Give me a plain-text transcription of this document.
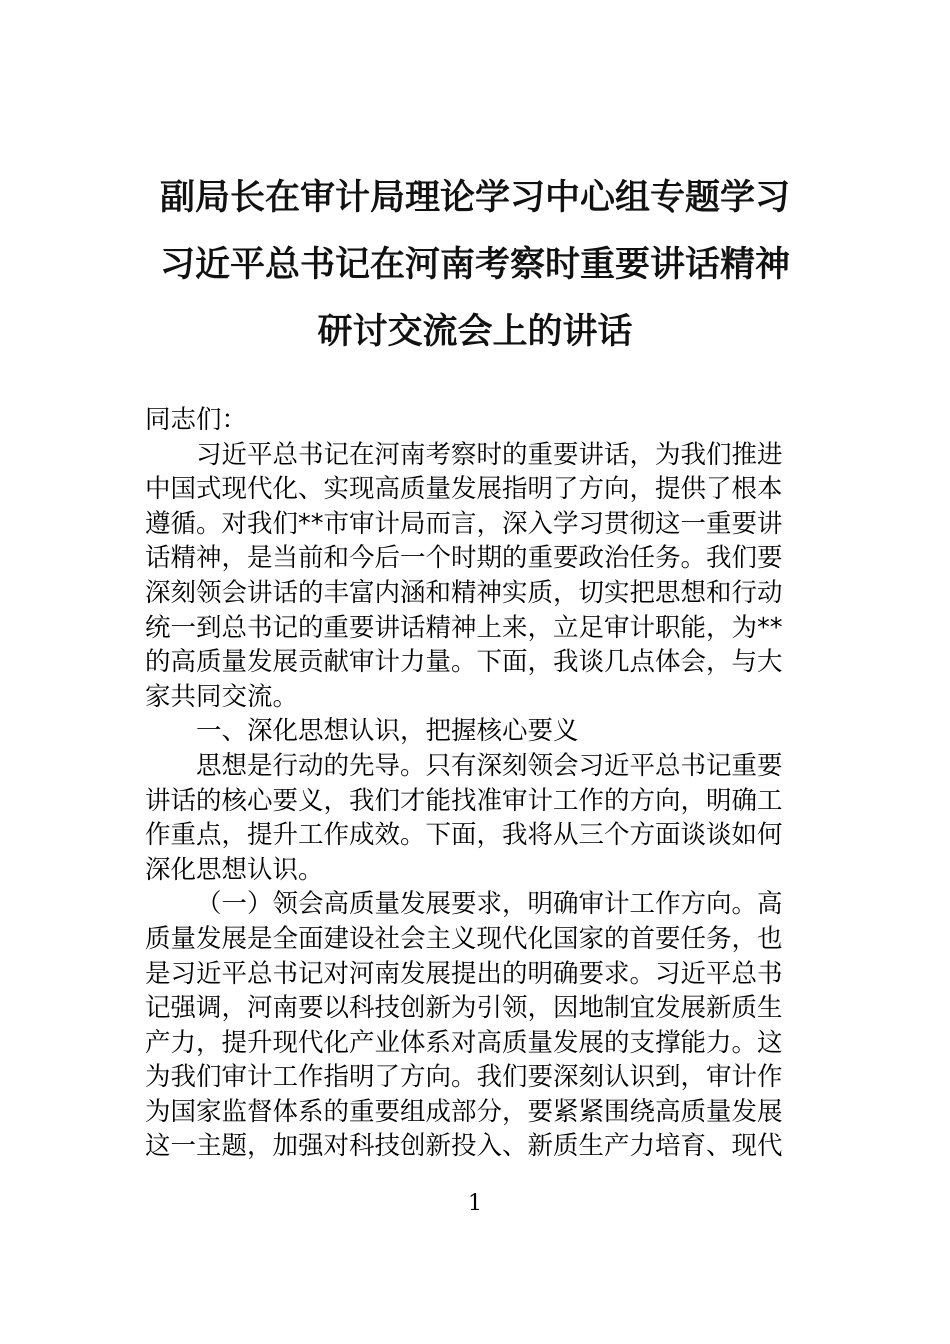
副局长在审计局理论学习中心组专题学习
习近平总书记在河南考察时重要讲话精神
研讨交流会上的讲话
同志们：
习近平总书记在河南考察时的重要讲话，为我们推进
中国式现代化、实现高质量发展指明了方向，提供了根本
遵循。对我们**市审计局而言，深入学习贯彻这一重要讲
话精神，是当前和今后一个时期的重要政治任务。我们要
深刻领会讲话的丰富内涵和精神实质，切实把思想和行动
统一到总书记的重要讲话精神上来，立足审计职能，为**
的高质量发展贡献审计力量。下面，我谈几点体会，与大
家共同交流。
一、深化思想认识，把握核心要义
思想是行动的先导。只有深刻领会习近平总书记重要
讲话的核心要义，我们才能找准审计工作的方向，明确工
作重点，提升工作成效。下面，我将从三个方面谈谈如何
深化思想认识。
（一）领会高质量发展要求，明确审计工作方向。高
质量发展是全面建设社会主义现代化国家的首要任务，也
是习近平总书记对河南发展提出的明确要求。习近平总书
记强调，河南要以科技创新为引领，因地制宜发展新质生
产力，提升现代化产业体系对高质量发展的支撑能力。这
为我们审计工作指明了方向。我们要深刻认识到，审计作
为国家监督体系的重要组成部分，要紧紧围绕高质量发展
这一主题，加强对科技创新投入、新质生产力培育、现代
1
